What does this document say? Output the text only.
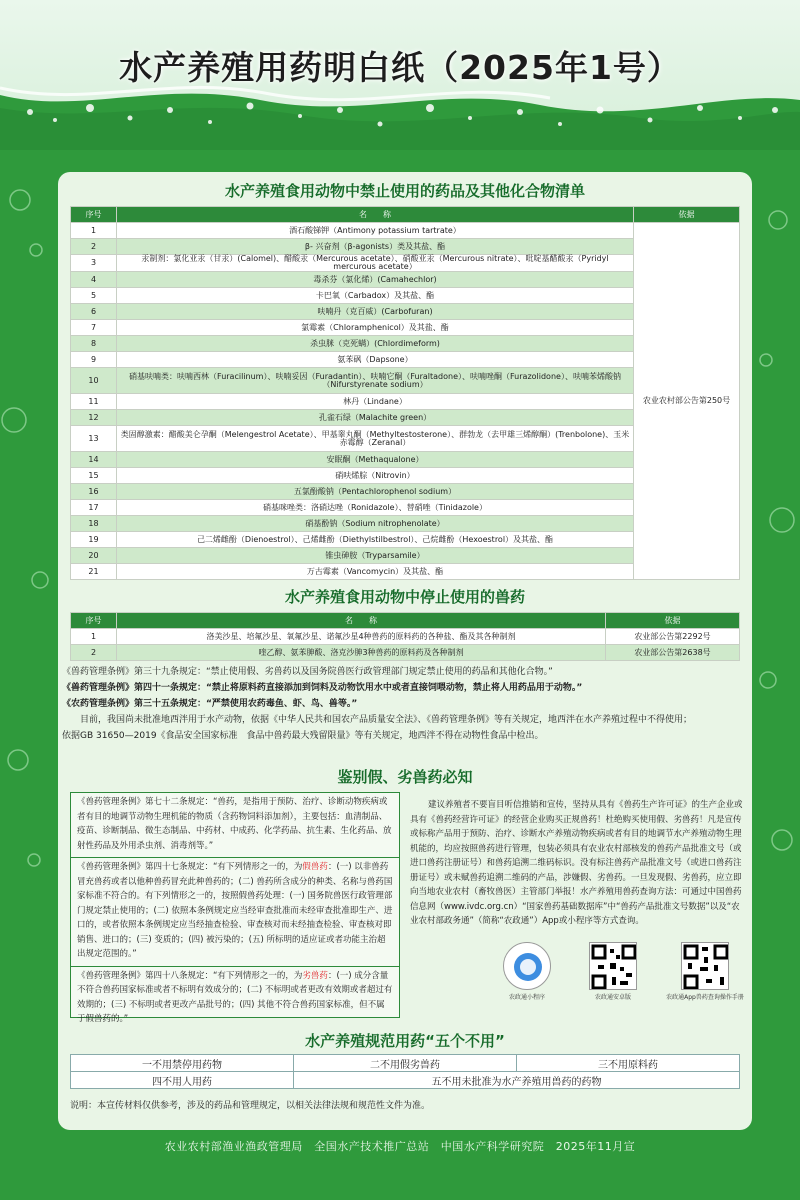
水产养殖用药明白纸（2025年1号）
水产养殖食用动物中禁止使用的药品及其他化合物清单
序号	名　　称	依据
1	酒石酸锑钾（Antimony potassium tartrate）	农业农村部公告第250号
2	β- 兴奋剂（β-agonists）类及其盐、酯	
3	汞制剂：氯化亚汞（甘汞）(Calomel)、醋酸汞（Mercurous acetate）、硝酸亚汞（Mercurous nitrate）、吡啶基醋酸汞（Pyridyl mercurous acetate）	
4	毒杀芬（氯化烯）(Camahechlor)	
5	卡巴氧（Carbadox）及其盐、酯	
6	呋喃丹（克百威）(Carbofuran)	
7	氯霉素（Chloramphenicol）及其盐、酯	
8	杀虫脒（克死螨）(Chlordimeform)	
9	氨苯砜（Dapsone）	
10	硝基呋喃类：呋喃西林（Furacilinum）、呋喃妥因（Furadantin）、呋喃它酮（Furaltadone）、呋喃唑酮（Furazolidone）、呋喃苯烯酸钠（Nifurstyrenate sodium）	
11	林丹（Lindane）	
12	孔雀石绿（Malachite green）	
13	类固醇激素：醋酸美仑孕酮（Melengestrol Acetate）、甲基睾丸酮（Methyltestosterone）、群勃龙（去甲雄三烯醇酮）(Trenbolone)、玉米赤霉醇（Zeranal）	
14	安眠酮（Methaqualone）	
15	硝呋烯腙（Nitrovin）	
16	五氯酚酸钠（Pentachlorophenol sodium）	
17	硝基咪唑类：洛硝达唑（Ronidazole）、替硝唑（Tinidazole）	
18	硝基酚钠（Sodium nitrophenolate）	
19	己二烯雌酚（Dienoestrol）、己烯雌酚（Diethylstilbestrol）、己烷雌酚（Hexoestrol）及其盐、酯	
20	锥虫砷胺（Tryparsamile）	
21	万古霉素（Vancomycin）及其盐、酯	
水产养殖食用动物中停止使用的兽药
序号	名　　称	依据
1	洛美沙星、培氟沙星、氧氟沙星、诺氟沙星4种兽药的原料药的各种盐、酯及其各种制剂	农业部公告第2292号
2	喹乙醇、氨苯胂酸、洛克沙胂3种兽药的原料药及各种制剂	农业部公告第2638号

《兽药管理条例》第三十九条规定：“禁止使用假、劣兽药以及国务院兽医行政管理部门规定禁止使用的药品和其他化合物。”

《兽药管理条例》第四十一条规定：“禁止将原料药直接添加到饲料及动物饮用水中或者直接饲喂动物，禁止将人用药品用于动物。”

《农药管理条例》第三十五条规定：“严禁使用农药毒鱼、虾、鸟、兽等。”

目前，我国尚未批准地西泮用于水产动物，依据《中华人民共和国农产品质量安全法》、《兽药管理条例》等有关规定，地西泮在水产养殖过程中不得使用；依据GB 31650—2019《食品安全国家标准　食品中兽药最大残留限量》等有关规定，地西泮不得在动物性食品中检出。

鉴别假、劣兽药必知
《兽药管理条例》第七十二条规定：“兽药，是指用于预防、治疗、诊断动物疾病或者有目的地调节动物生理机能的物质（含药物饲料添加剂），主要包括：血清制品、疫苗、诊断制品、微生态制品、中药材、中成药、化学药品、抗生素、生化药品、放射性药品及外用杀虫剂、消毒剂等。”
《兽药管理条例》第四十七条规定：“有下列情形之一的，为假兽药：(一) 以非兽药冒充兽药或者以他种兽药冒充此种兽药的；(二) 兽药所含成分的种类、名称与兽药国家标准不符合的。有下列情形之一的，按照假兽药处理：(一) 国务院兽医行政管理部门规定禁止使用的；(二) 依照本条例规定应当经审查批准而未经审查批准即生产、进口的，或者依照本条例规定应当经抽查检验、审查核对而未经抽查检验、审查核对即销售、进口的；(三) 变质的；(四) 被污染的；(五) 所标明的适应证或者功能主治超出规定范围的。”
《兽药管理条例》第四十八条规定：“有下列情形之一的，为劣兽药：(一) 成分含量不符合兽药国家标准或者不标明有效成分的；(二) 不标明或者更改有效期或者超过有效期的；(三) 不标明或者更改产品批号的；(四) 其他不符合兽药国家标准，但不属于假兽药的。”

建议养殖者不要盲目听信推销和宣传，坚持从具有《兽药生产许可证》的生产企业或具有《兽药经营许可证》的经营企业购买正规兽药！杜绝购买使用假、劣兽药！凡是宣传或标称产品用于预防、治疗、诊断水产养殖动物疾病或者有目的地调节水产养殖动物生理机能的，均应按照兽药进行管理，包装必须具有农业农村部核发的兽药产品批准文号（或进口兽药注册证号）和兽药追溯二维码标识。没有标注兽药产品批准文号（或进口兽药注册证号）或未赋兽药追溯二维码的产品，涉嫌假、劣兽药。一旦发现假、劣兽药，应立即向当地农业农村（畜牧兽医）主管部门举报！水产养殖用兽药查询方法：可通过中国兽药信息网（www.ivdc.org.cn）“国家兽药基础数据库”中“兽药产品批准文号数据”以及“农业农村部政务通”（简称“农政通”）App或小程序等方式查询。

农政通小程序	农政通安卓版	农政通App兽药查询操作手册
水产养殖规范用药“五个不用”
一不用禁停用药物	二不用假劣兽药	三不用原料药
四不用人用药	五不用未批准为水产养殖用兽药的药物	
说明：本宣传材料仅供参考，涉及的药品和管理规定，以相关法律法规和规范性文件为准。
农业农村部渔业渔政管理局　全国水产技术推广总站　中国水产科学研究院　2025年11月宣
